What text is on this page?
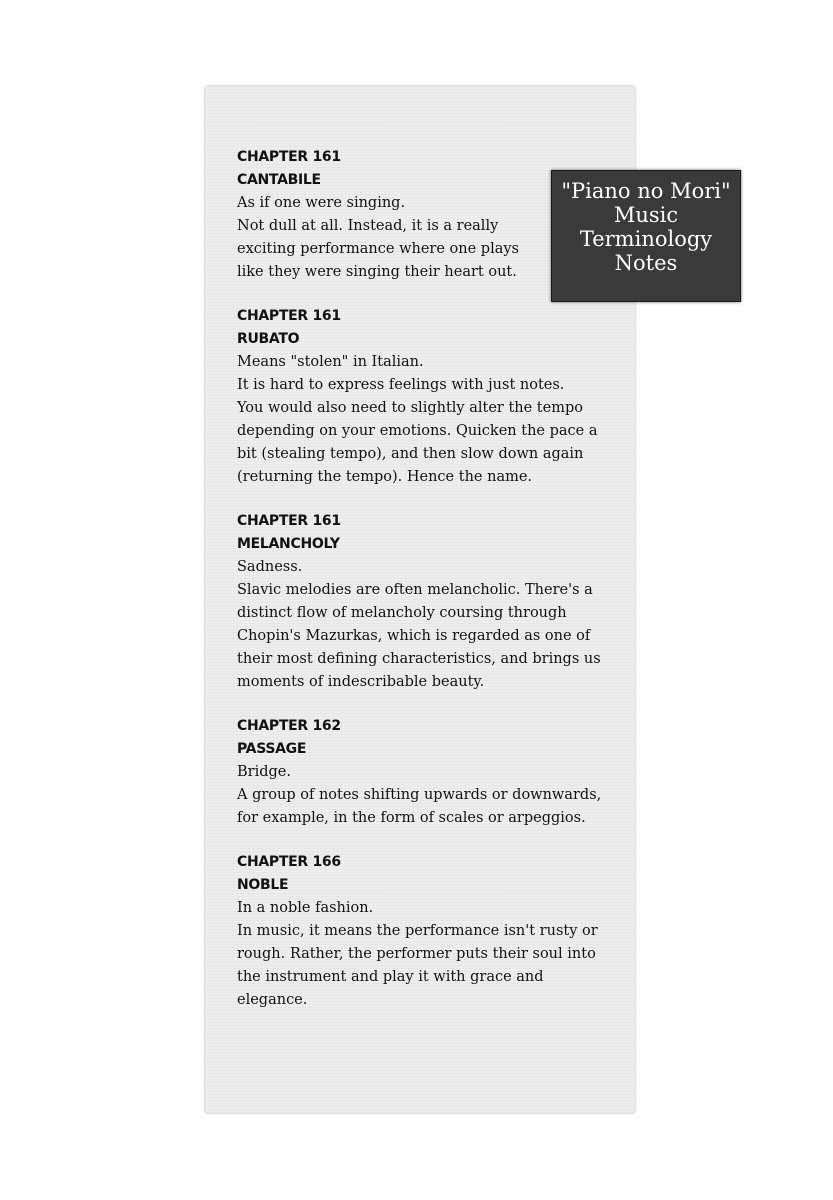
"Piano no Mori"
Music
Terminology
Notes
CHAPTER 161
CANTABILE
As if one were singing.
Not dull at all. Instead, it is a really
exciting performance where one plays
like they were singing their heart out.
CHAPTER 161
RUBATO
Means "stolen" in Italian.
It is hard to express feelings with just notes.
You would also need to slightly alter the tempo
depending on your emotions. Quicken the pace a
bit (stealing tempo), and then slow down again
(returning the tempo). Hence the name.
CHAPTER 161
MELANCHOLY
Sadness.
Slavic melodies are often melancholic. There's a
distinct flow of melancholy coursing through
Chopin's Mazurkas, which is regarded as one of
their most defining characteristics, and brings us
moments of indescribable beauty.
CHAPTER 162
PASSAGE
Bridge.
A group of notes shifting upwards or downwards,
for example, in the form of scales or arpeggios.
CHAPTER 166
NOBLE
In a noble fashion.
In music, it means the performance isn't rusty or
rough. Rather, the performer puts their soul into
the instrument and play it with grace and
elegance.
